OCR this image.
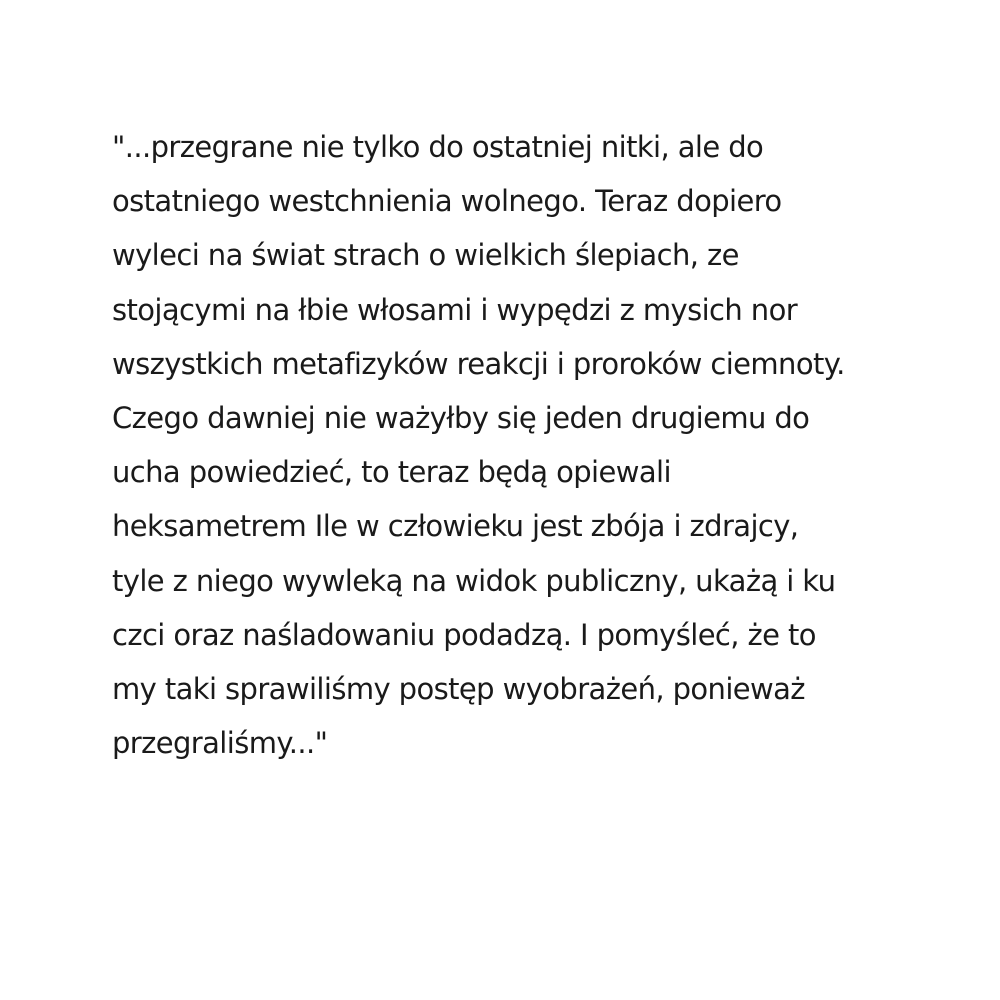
"...przegrane nie tylko do ostatniej nitki, ale do
ostatniego westchnienia wolnego. Teraz dopiero
wyleci na świat strach o wielkich ślepiach, ze
stojącymi na łbie włosami i wypędzi z mysich nor
wszystkich metafizyków reakcji i proroków ciemnoty.
Czego dawniej nie ważyłby się jeden drugiemu do
ucha powiedzieć, to teraz będą opiewali
heksametrem Ile w człowieku jest zbója i zdrajcy,
tyle z niego wywleką na widok publiczny, ukażą i ku
czci oraz naśladowaniu podadzą. I pomyśleć, że to
my taki sprawiliśmy postęp wyobrażeń, ponieważ
przegraliśmy..."
